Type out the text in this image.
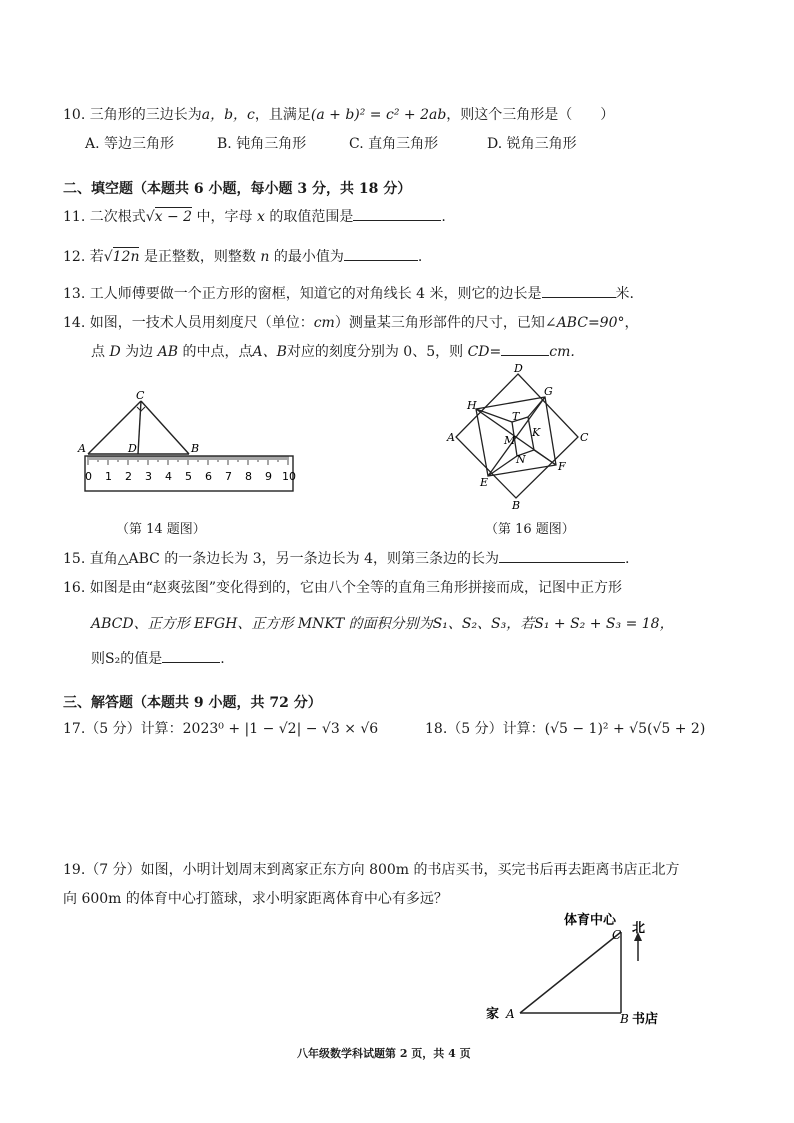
10. 三角形的三边长为a，b，c，且满足(a + b)² = c² + 2ab，则这个三角形是（　　）
A. 等边三角形	B. 钝角三角形	C. 直角三角形	D. 锐角三角形
二、填空题（本题共 6 小题，每小题 3 分，共 18 分）
11. 二次根式√x − 2 中，字母 x 的取值范围是	.
12. 若√12n 是正整数，则整数 n 的最小值为	.
13. 工人师傅要做一个正方形的窗框，知道它的对角线长 4 米，则它的边长是	米.
14. 如图，一技术人员用刻度尺（单位：cm）测量某三角形部件的尺寸，已知∠ABC=90°，
点 D 为边 AB 的中点，点A、B对应的刻度分别为 0、5，则 CD=	cm.
A	B
C
D
0 1 2 3 4 5 6 7 8 9 10
（第 14 题图）
D
C
B
A
E
F
G
H
M
N
K
T
（第 16 题图）
15. 直角△ABC 的一条边长为 3，另一条边长为 4，则第三条边的长为	.
16. 如图是由“赵爽弦图”变化得到的，它由八个全等的直角三角形拼接而成，记图中正方形
ABCD、正方形 EFGH、正方形 MNKT 的面积分别为S₁、S₂、S₃，若S₁ + S₂ + S₃ = 18，
则S₂的值是	.
三、解答题（本题共 9 小题，共 72 分）
17.（5 分）计算：2023⁰ + |1 − √2| − √3 × √6	18.（5 分）计算：(√5 − 1)² + √5(√5 + 2)
19.（7 分）如图，小明计划周末到离家正东方向 800m 的书店买书，买完书后再去距离书店正北方
向 600m 的体育中心打篮球，求小明家距离体育中心有多远？
体育中心
C 北
家 A	B 书店
八年级数学科试题第 2 页，共 4 页
